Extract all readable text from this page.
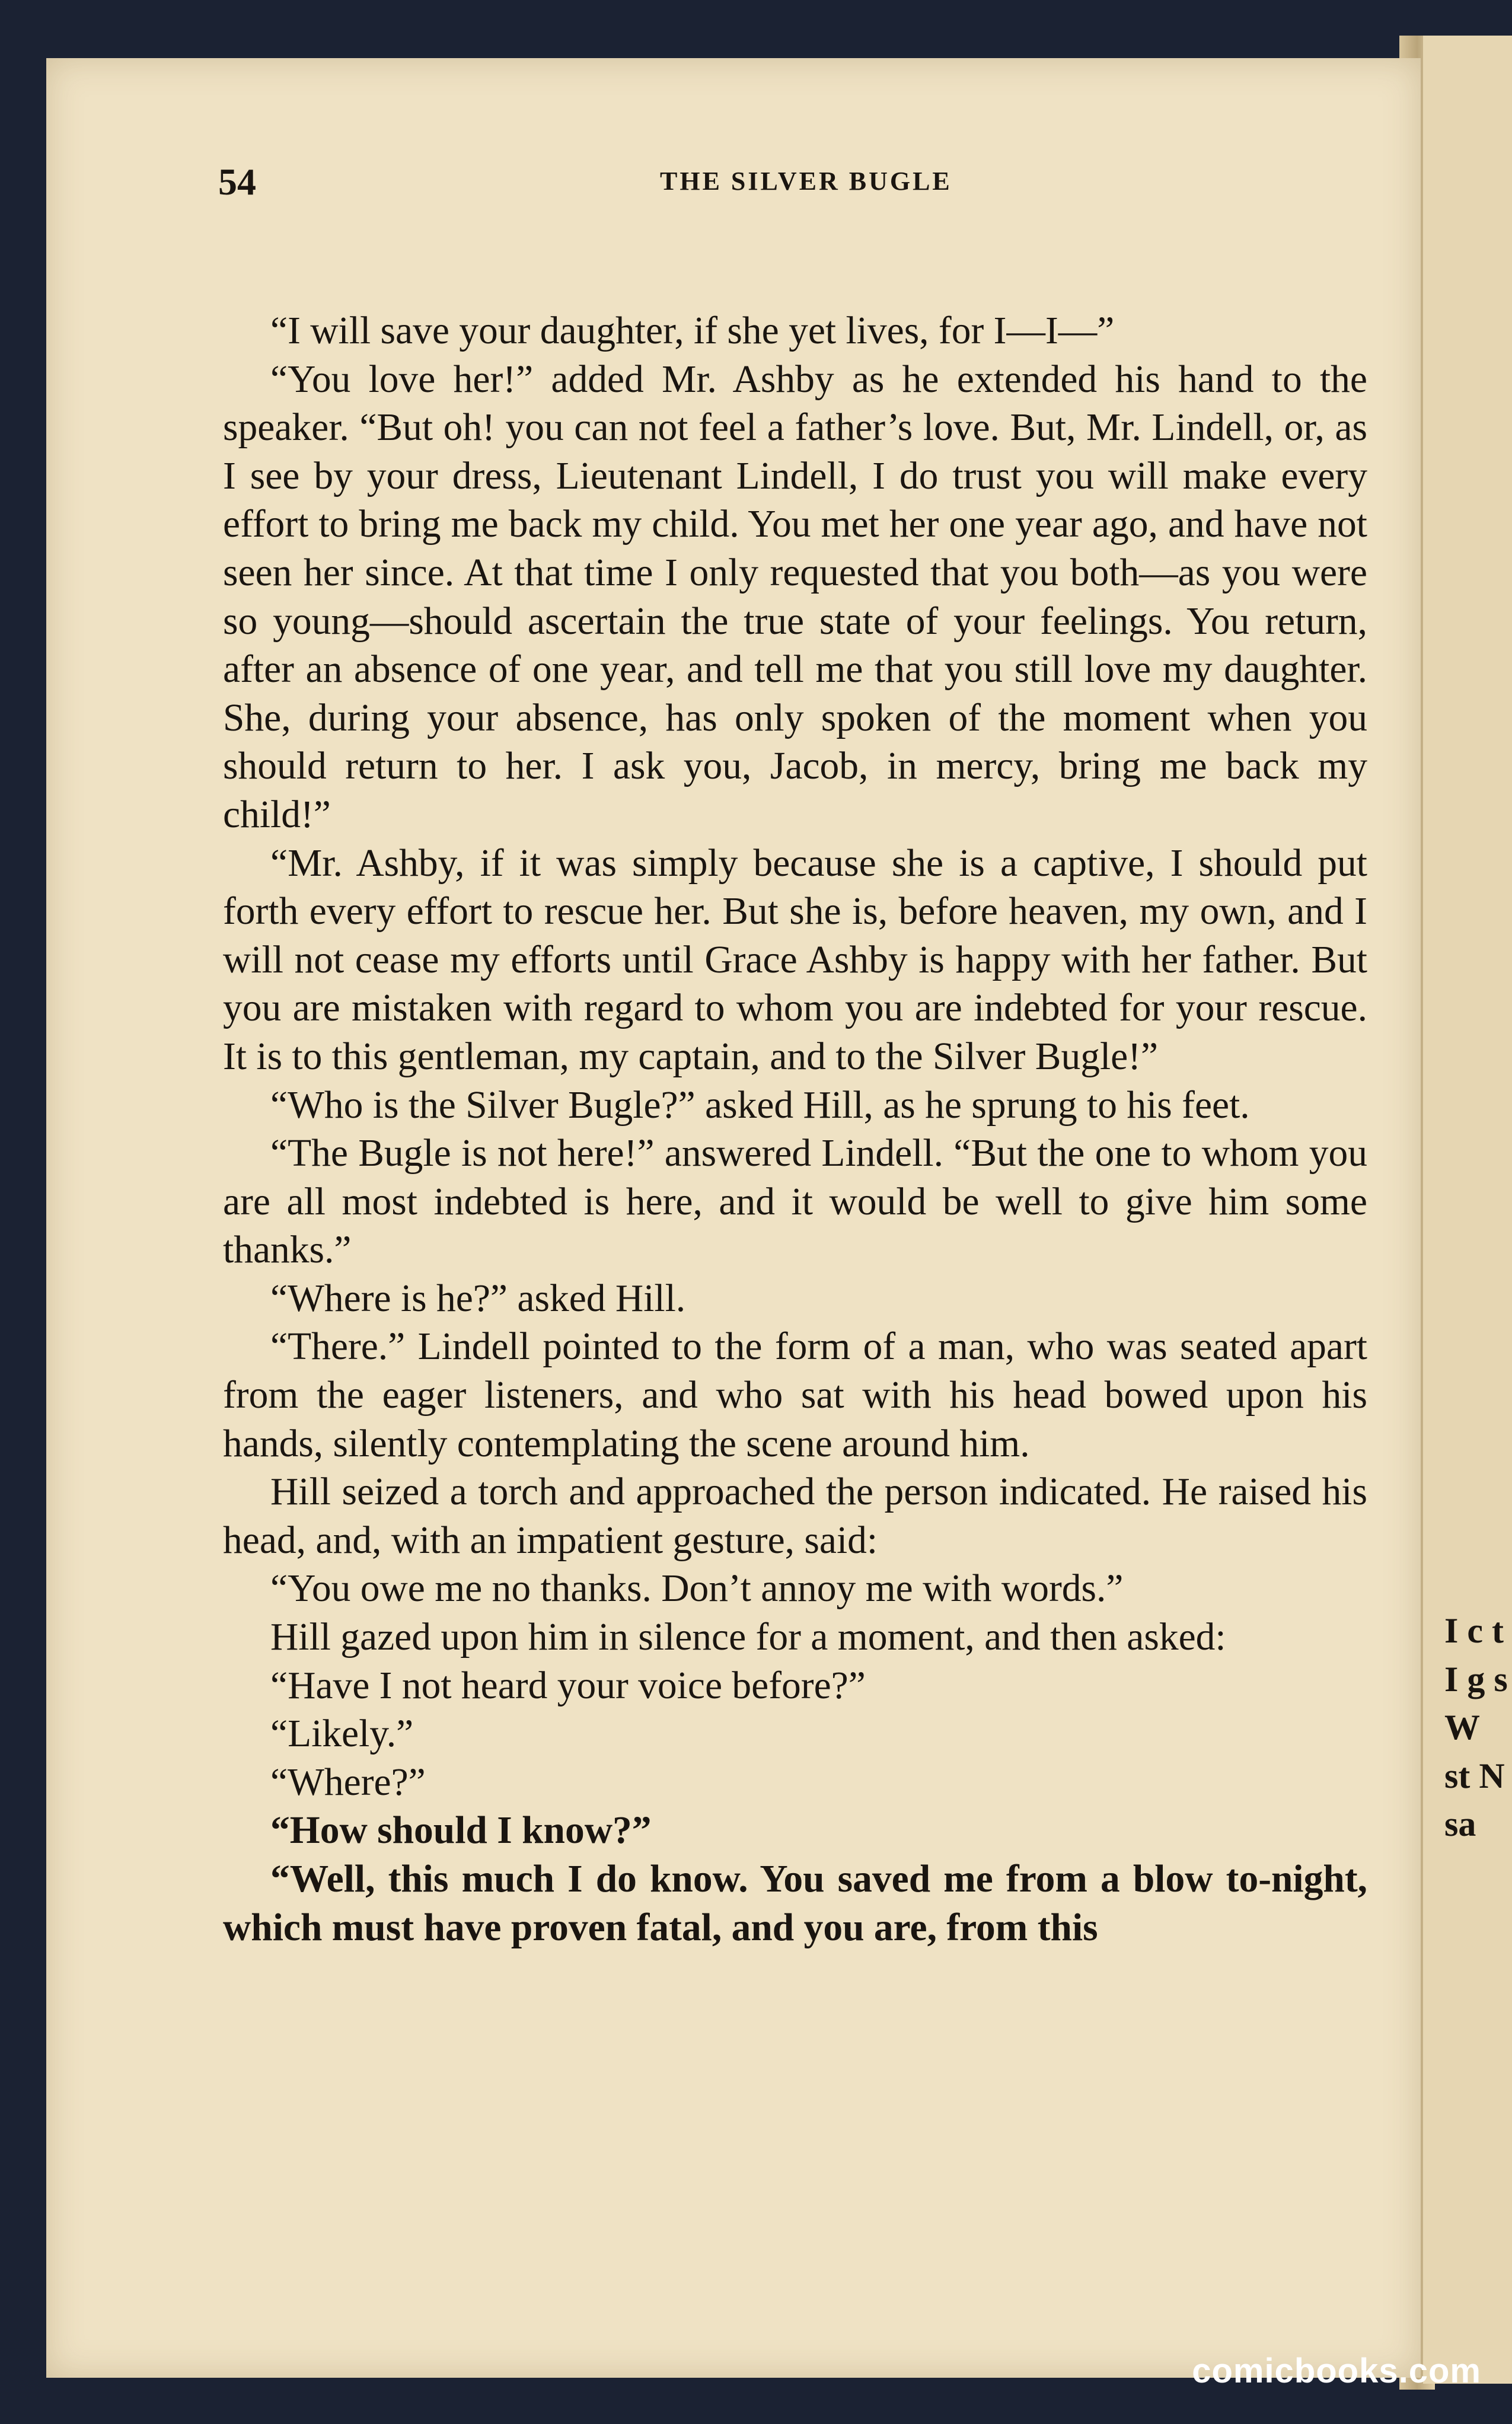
I c t I g s W st N sa
54	THE SILVER BUGLE

“I will save your daughter, if she yet lives, for I—I—”

“You love her!” added Mr. Ashby as he extended his hand to the speaker. “But oh! you can not feel a father’s love. But, Mr. Lindell, or, as I see by your dress, Lieutenant Lindell, I do trust you will make every effort to bring me back my child. You met her one year ago, and have not seen her since. At that time I only requested that you both—as you were so young—should ascertain the true state of your feelings. You return, after an absence of one year, and tell me that you still love my daughter. She, during your absence, has only spoken of the moment when you should return to her. I ask you, Jacob, in mercy, bring me back my child!”

“Mr. Ashby, if it was simply because she is a captive, I should put forth every effort to rescue her. But she is, before heaven, my own, and I will not cease my efforts until Grace Ashby is happy with her father. But you are mistaken with regard to whom you are indebted for your rescue. It is to this gentleman, my captain, and to the Silver Bugle!”

“Who is the Silver Bugle?” asked Hill, as he sprung to his feet.

“The Bugle is not here!” answered Lindell. “But the one to whom you are all most indebted is here, and it would be well to give him some thanks.”

“Where is he?” asked Hill.

“There.” Lindell pointed to the form of a man, who was seated apart from the eager listeners, and who sat with his head bowed upon his hands, silently contemplating the scene around him.

Hill seized a torch and approached the person indicated. He raised his head, and, with an impatient gesture, said:

“You owe me no thanks. Don’t annoy me with words.”

Hill gazed upon him in silence for a moment, and then asked:

“Have I not heard your voice before?”

“Likely.”

“Where?”

“How should I know?”

“Well, this much I do know. You saved me from a blow to-night, which must have proven fatal, and you are, from this

comicbooks.com
